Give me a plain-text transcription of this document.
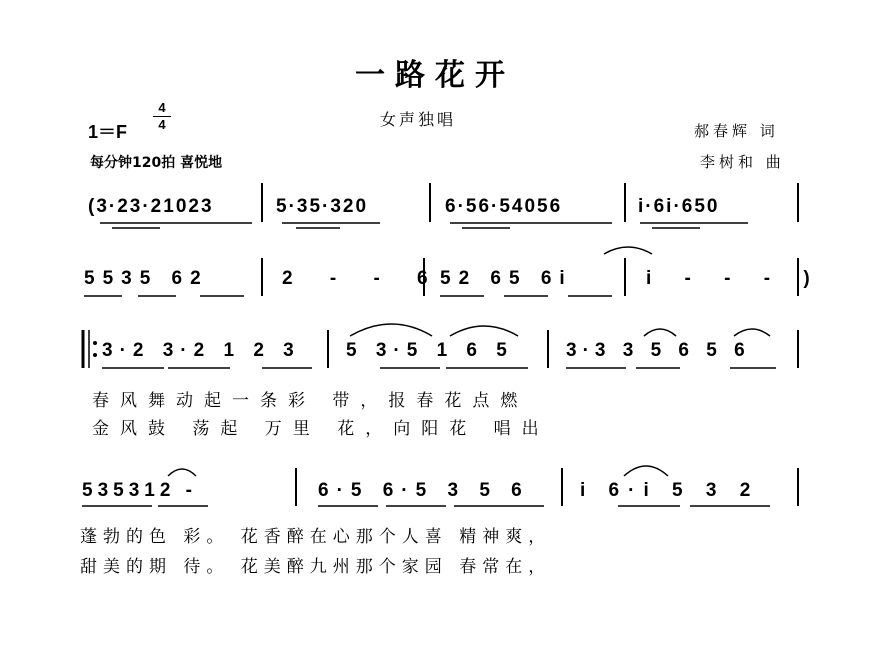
一路花开
女声独唱
1＝F
4
4
每分钟120拍 喜悦地
郝春辉 词
李树和 曲
(3·23·21023	5·35·320	6·56·54056	i·6i·650
5535 62	2 - - 6
52 65 6i	i - - - )
3·2 3·2 1 2 3 5 3·5 1 6 5	3·3 3 5 6 5 6
春风舞动起一条彩 带，报春花点燃
金风鼓 荡起 万里 花，向阳花 唱出
535312 -	6·5 6·5 3 5 6	i 6·i 5 3 2
蓬勃的色 彩。 花香醉在心那个人喜 精神爽，
甜美的期 待。 花美醉九州那个家园 春常在，
